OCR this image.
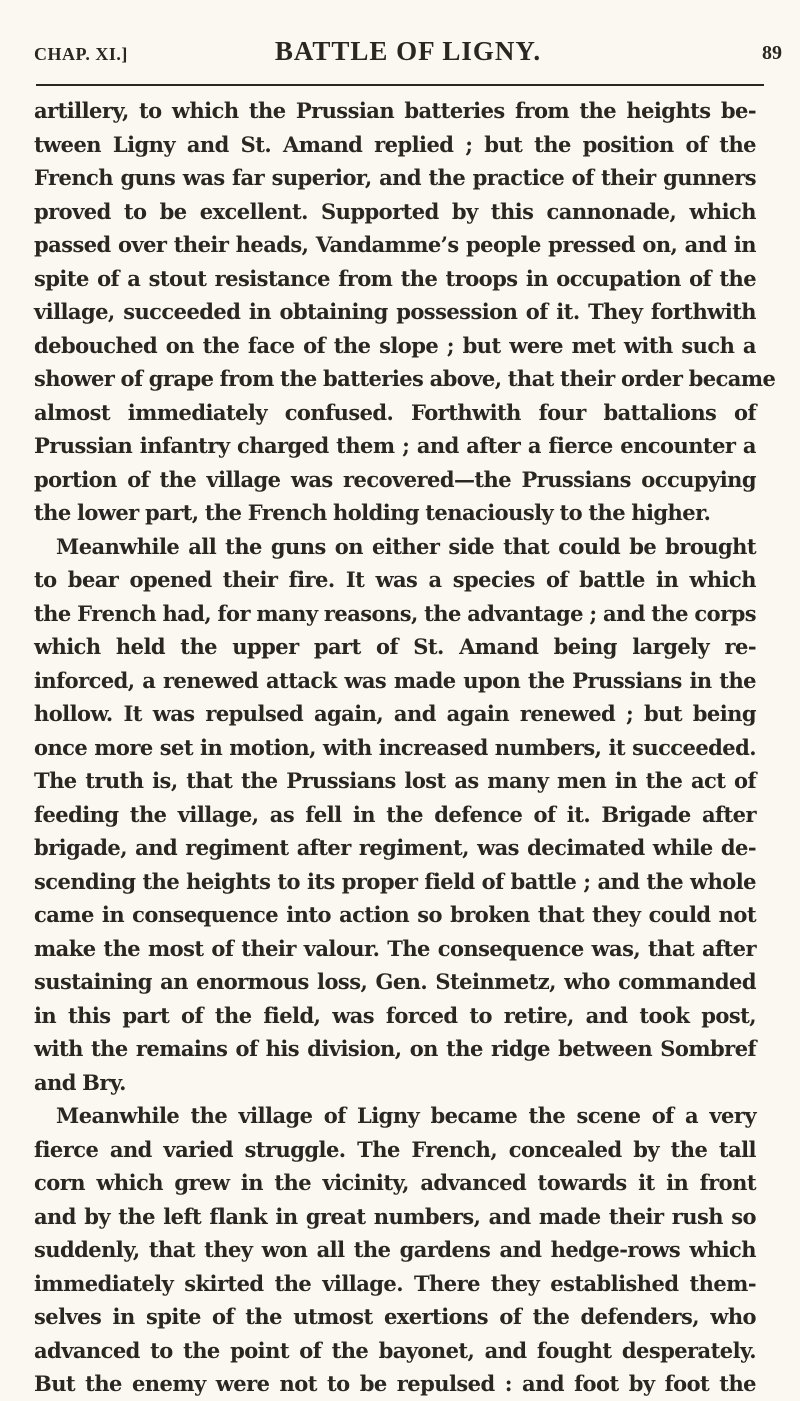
CHAP. XI.]	BATTLE OF LIGNY.	89
artillery, to which the Prussian batteries from the heights be-
tween Ligny and St. Amand replied ; but the position of the
French guns was far superior, and the practice of their gunners
proved to be excellent. Supported by this cannonade, which
passed over their heads, Vandamme’s people pressed on, and in
spite of a stout resistance from the troops in occupation of the
village, succeeded in obtaining possession of it. They forthwith
debouched on the face of the slope ; but were met with such a
shower of grape from the batteries above, that their order became
almost immediately confused. Forthwith four battalions of
Prussian infantry charged them ; and after a fierce encounter a
portion of the village was recovered—the Prussians occupying
the lower part, the French holding tenaciously to the higher.
Meanwhile all the guns on either side that could be brought
to bear opened their fire. It was a species of battle in which
the French had, for many reasons, the advantage ; and the corps
which held the upper part of St. Amand being largely re-
inforced, a renewed attack was made upon the Prussians in the
hollow. It was repulsed again, and again renewed ; but being
once more set in motion, with increased numbers, it succeeded.
The truth is, that the Prussians lost as many men in the act of
feeding the village, as fell in the defence of it. Brigade after
brigade, and regiment after regiment, was decimated while de-
scending the heights to its proper field of battle ; and the whole
came in consequence into action so broken that they could not
make the most of their valour. The consequence was, that after
sustaining an enormous loss, Gen. Steinmetz, who commanded
in this part of the field, was forced to retire, and took post,
with the remains of his division, on the ridge between Sombref
and Bry.
Meanwhile the village of Ligny became the scene of a very
fierce and varied struggle. The French, concealed by the tall
corn which grew in the vicinity, advanced towards it in front
and by the left flank in great numbers, and made their rush so
suddenly, that they won all the gardens and hedge-rows which
immediately skirted the village. There they established them-
selves in spite of the utmost exertions of the defenders, who
advanced to the point of the bayonet, and fought desperately.
But the enemy were not to be repulsed : and foot by foot the
